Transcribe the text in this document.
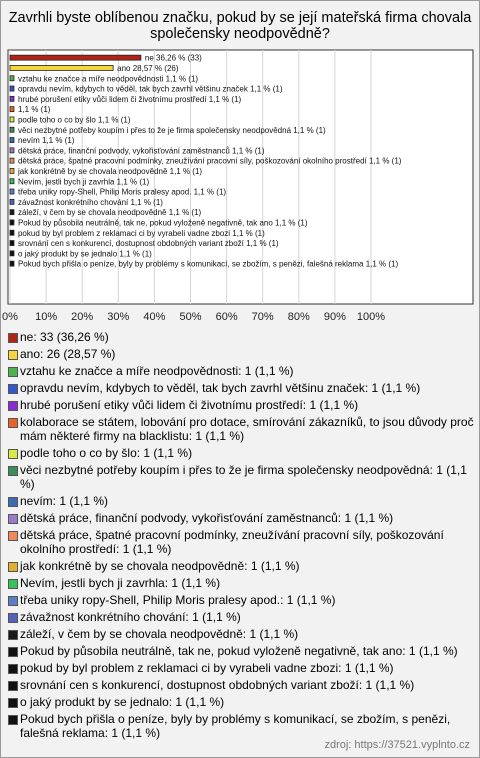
Zavrhli byste oblíbenou značku, pokud by se její mateřská firma chovala společensky neodpovědně?
0% 10% 20% 30% 40% 50% 60% 70% 80% 90% 100%
ne 36,26 % (33)
ano 28,57 % (26)
vztahu ke značce a míře neodpovědnosti 1,1 % (1)
opravdu nevím, kdybych to věděl, tak bych zavrhl většinu značek 1,1 % (1)
hrubé porušení etiky vůči lidem či životnímu prostředí 1,1 % (1)
1,1 % (1)
podle toho o co by šlo 1,1 % (1)
věci nezbytné potřeby koupím i přes to že je firma společensky neodpovědná 1,1 % (1)
nevím 1,1 % (1)
dětská práce, finanční podvody, vykořisťování zaměstnanců 1,1 % (1)
dětská práce, špatné pracovní podmínky, zneužívání pracovní síly, poškozování okolního prostředí 1,1 % (1)
jak konkrétně by se chovala neodpovědně 1,1 % (1)
Nevím, jestli bych ji zavrhla 1,1 % (1)
třeba uniky ropy-Shell, Philip Moris pralesy apod. 1,1 % (1)
závažnost konkrétního chování 1,1 % (1)
záleží, v čem by se chovala neodpovědně 1,1 % (1)
Pokud by působila neutrálně, tak ne, pokud vyloženě negativně, tak ano 1,1 % (1)
pokud by byl problem z reklamaci ci by vyrabeli vadne zbozi 1,1 % (1)
srovnání cen s konkurencí, dostupnost obdobných variant zboží 1,1 % (1)
o jaký produkt by se jednalo 1,1 % (1)
Pokud bych přišla o peníze, byly by problémy s komunikací, se zbožím, s penězi, falešná reklama 1,1 % (1)
ne: 33 (36,26 %)
ano: 26 (28,57 %)
vztahu ke značce a míře neodpovědnosti: 1 (1,1 %)
opravdu nevím, kdybych to věděl, tak bych zavrhl většinu značek: 1 (1,1 %)
hrubé porušení etiky vůči lidem či životnímu prostředí: 1 (1,1 %)
kolaborace se státem, lobování pro dotace, smírování zákazníků, to jsou důvody proč mám některé firmy na blacklistu: 1 (1,1 %)
podle toho o co by šlo: 1 (1,1 %)
věci nezbytné potřeby koupím i přes to že je firma společensky neodpovědná: 1 (1,1 %)
nevím: 1 (1,1 %)
dětská práce, finanční podvody, vykořisťování zaměstnanců: 1 (1,1 %)
dětská práce, špatné pracovní podmínky, zneužívání pracovní síly, poškozování okolního prostředí: 1 (1,1 %)
jak konkrétně by se chovala neodpovědně: 1 (1,1 %)
Nevím, jestli bych ji zavrhla: 1 (1,1 %)
třeba uniky ropy-Shell, Philip Moris pralesy apod.: 1 (1,1 %)
závažnost konkrétního chování: 1 (1,1 %)
záleží, v čem by se chovala neodpovědně: 1 (1,1 %)
Pokud by působila neutrálně, tak ne, pokud vyloženě negativně, tak ano: 1 (1,1 %)
pokud by byl problem z reklamaci ci by vyrabeli vadne zbozi: 1 (1,1 %)
srovnání cen s konkurencí, dostupnost obdobných variant zboží: 1 (1,1 %)
o jaký produkt by se jednalo: 1 (1,1 %)
Pokud bych přišla o peníze, byly by problémy s komunikací, se zbožím, s penězi, falešná reklama: 1 (1,1 %)
zdroj: https://37521.vyplnto.cz
